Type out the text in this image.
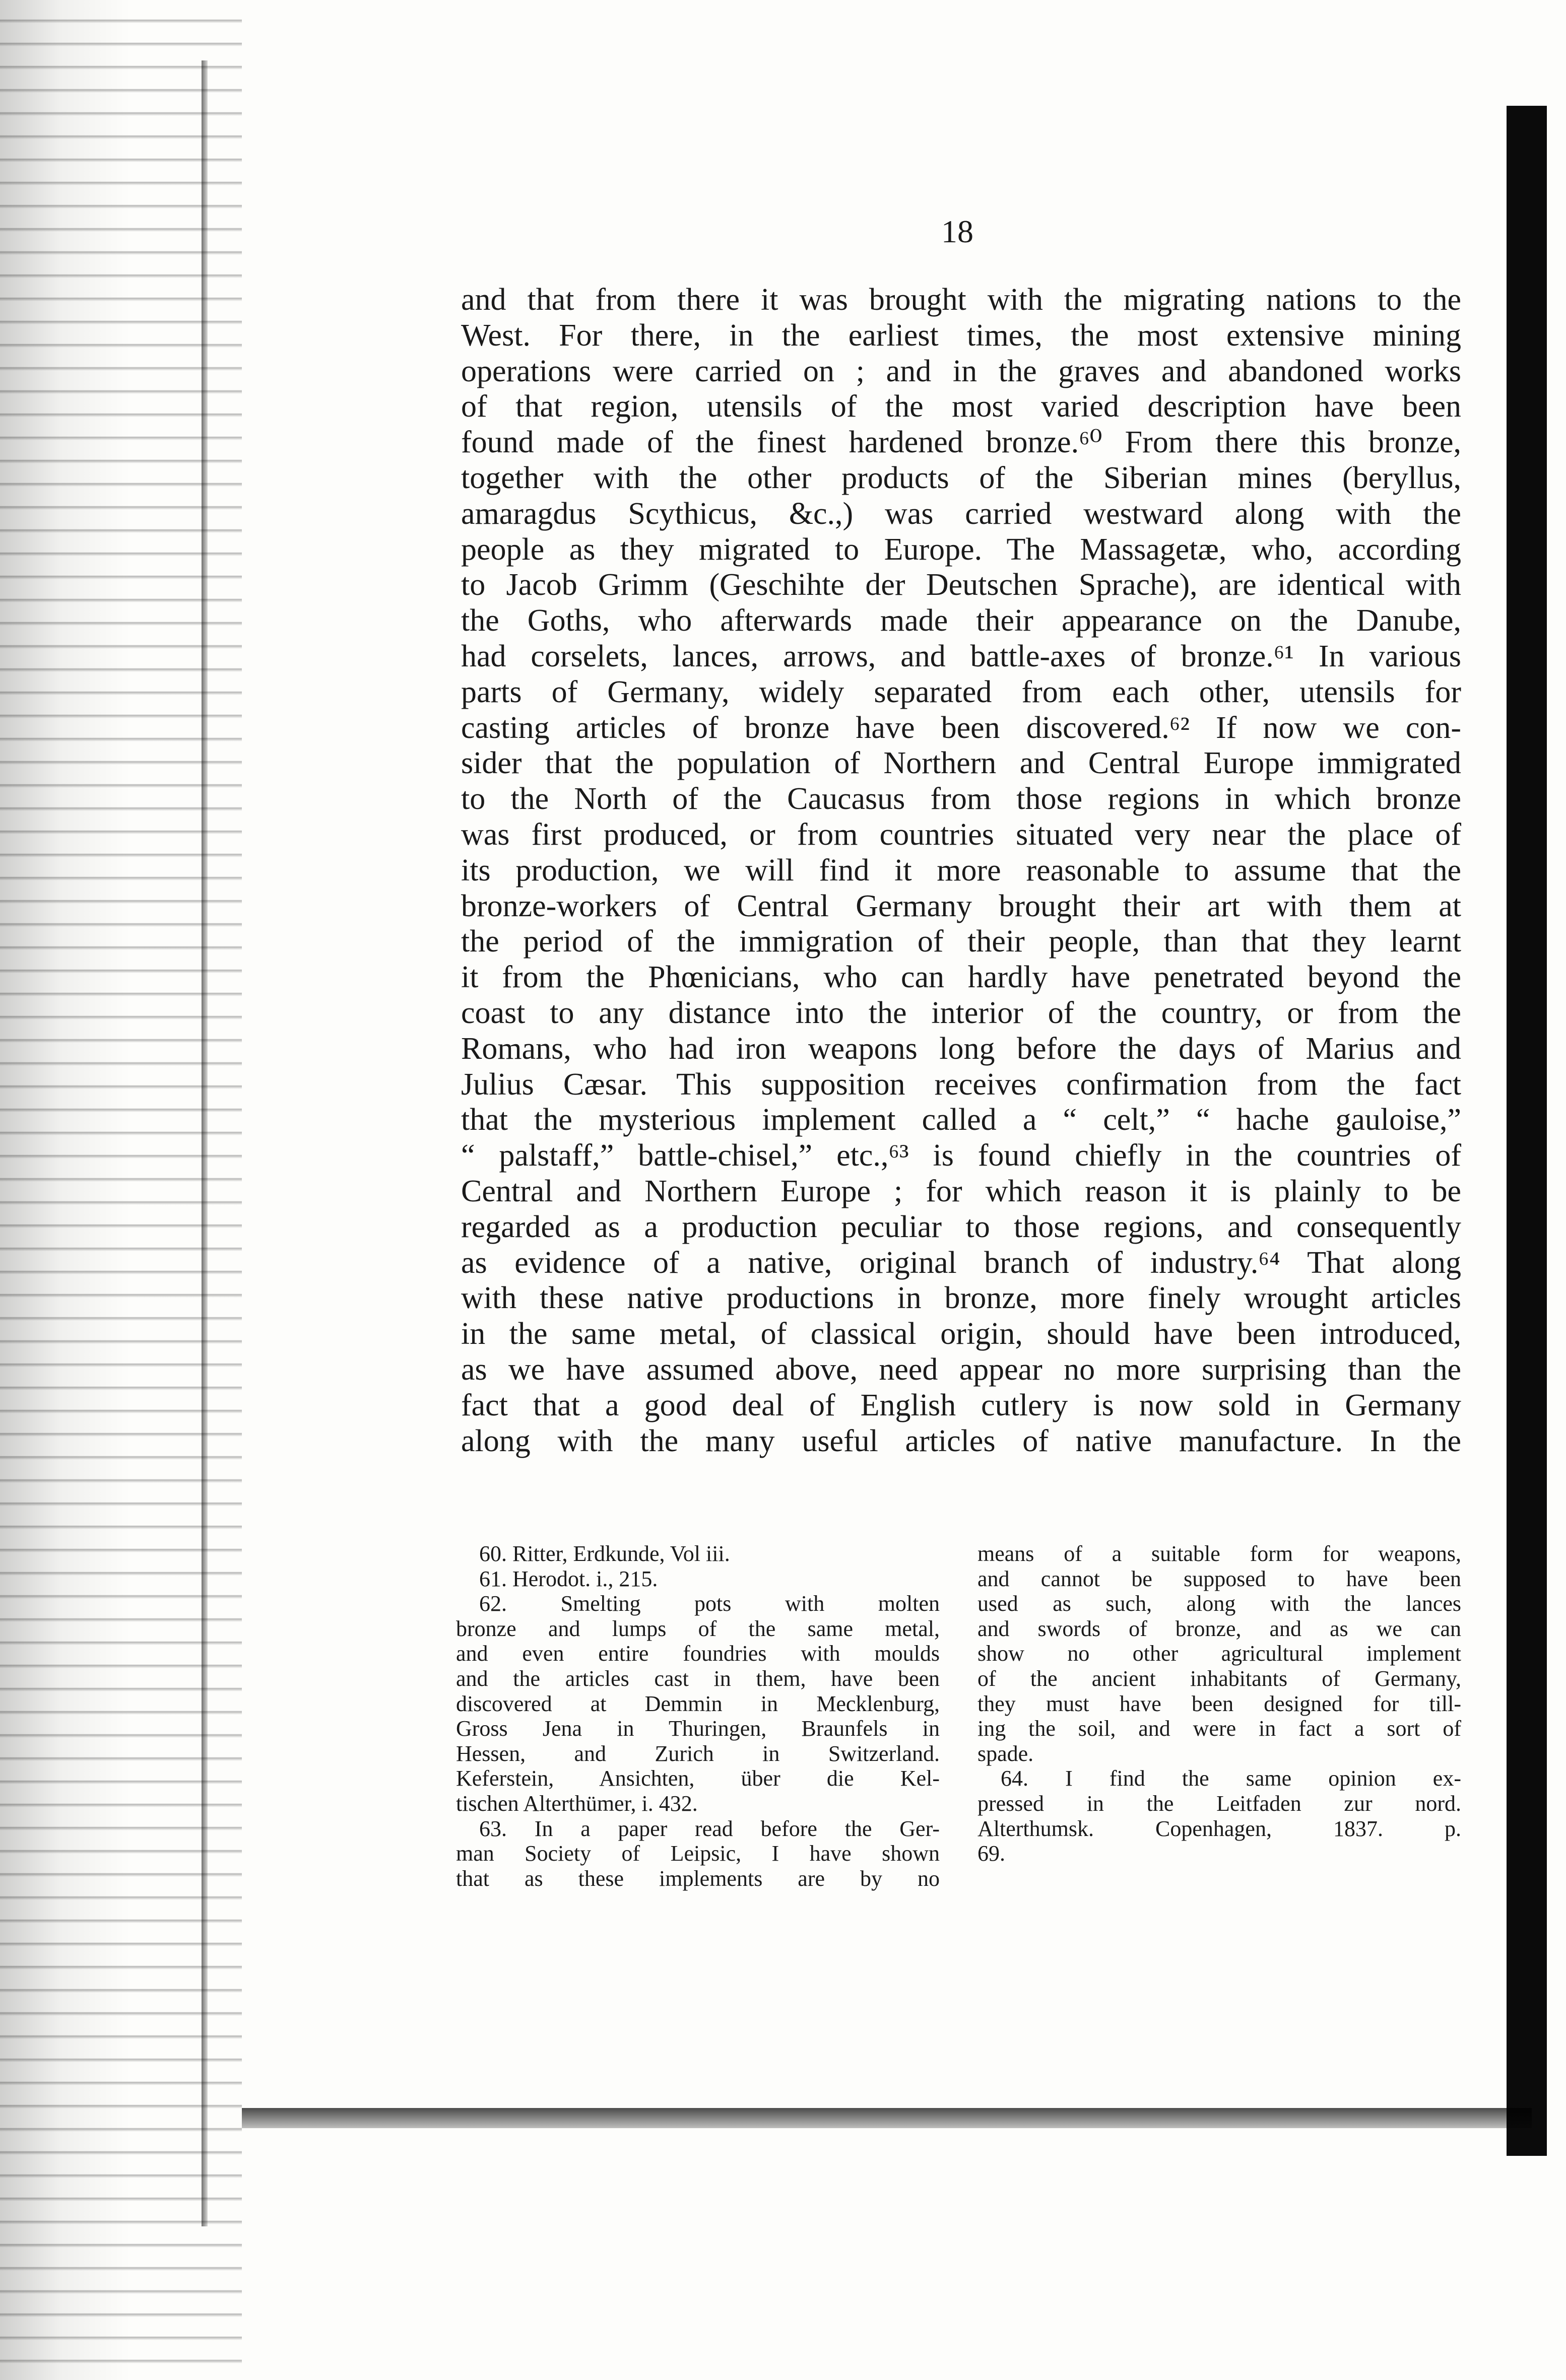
18
and that from there it was brought with the migrating nations to the
West. For there, in the earliest times, the most extensive mining
operations were carried on ; and in the graves and abandoned works
of that region, utensils of the most varied description have been
found made of the finest hardened bronze.⁶⁰ From there this bronze,
together with the other products of the Siberian mines (beryllus,
amaragdus Scythicus, &c.,) was carried westward along with the
people as they migrated to Europe. The Massagetæ, who, according
to Jacob Grimm (Geschihte der Deutschen Sprache), are identical with
the Goths, who afterwards made their appearance on the Danube,
had corselets, lances, arrows, and battle-axes of bronze.⁶¹ In various
parts of Germany, widely separated from each other, utensils for
casting articles of bronze have been discovered.⁶² If now we con-
sider that the population of Northern and Central Europe immigrated
to the North of the Caucasus from those regions in which bronze
was first produced, or from countries situated very near the place of
its production, we will find it more reasonable to assume that the
bronze-workers of Central Germany brought their art with them at
the period of the immigration of their people, than that they learnt
it from the Phœnicians, who can hardly have penetrated beyond the
coast to any distance into the interior of the country, or from the
Romans, who had iron weapons long before the days of Marius and
Julius Cæsar. This supposition receives confirmation from the fact
that the mysterious implement called a “ celt,” “ hache gauloise,”
“ palstaff,” battle-chisel,” etc.,⁶³ is found chiefly in the countries of
Central and Northern Europe ; for which reason it is plainly to be
regarded as a production peculiar to those regions, and consequently
as evidence of a native, original branch of industry.⁶⁴ That along
with these native productions in bronze, more finely wrought articles
in the same metal, of classical origin, should have been introduced,
as we have assumed above, need appear no more surprising than the
fact that a good deal of English cutlery is now sold in Germany
along with the many useful articles of native manufacture. In the
60. Ritter, Erdkunde, Vol iii.
61. Herodot. i., 215.
62. Smelting pots with molten
bronze and lumps of the same metal,
and even entire foundries with moulds
and the articles cast in them, have been
discovered at Demmin in Mecklenburg,
Gross Jena in Thuringen, Braunfels in
Hessen, and Zurich in Switzerland.
Keferstein, Ansichten, über die Kel-
tischen Alterthümer, i. 432.
63. In a paper read before the Ger-
man Society of Leipsic, I have shown
that as these implements are by no
means of a suitable form for weapons,
and cannot be supposed to have been
used as such, along with the lances
and swords of bronze, and as we can
show no other agricultural implement
of the ancient inhabitants of Germany,
they must have been designed for till-
ing the soil, and were in fact a sort of
spade.
64. I find the same opinion ex-
pressed in the Leitfaden zur nord.
Alterthumsk. Copenhagen, 1837. p.
69.
